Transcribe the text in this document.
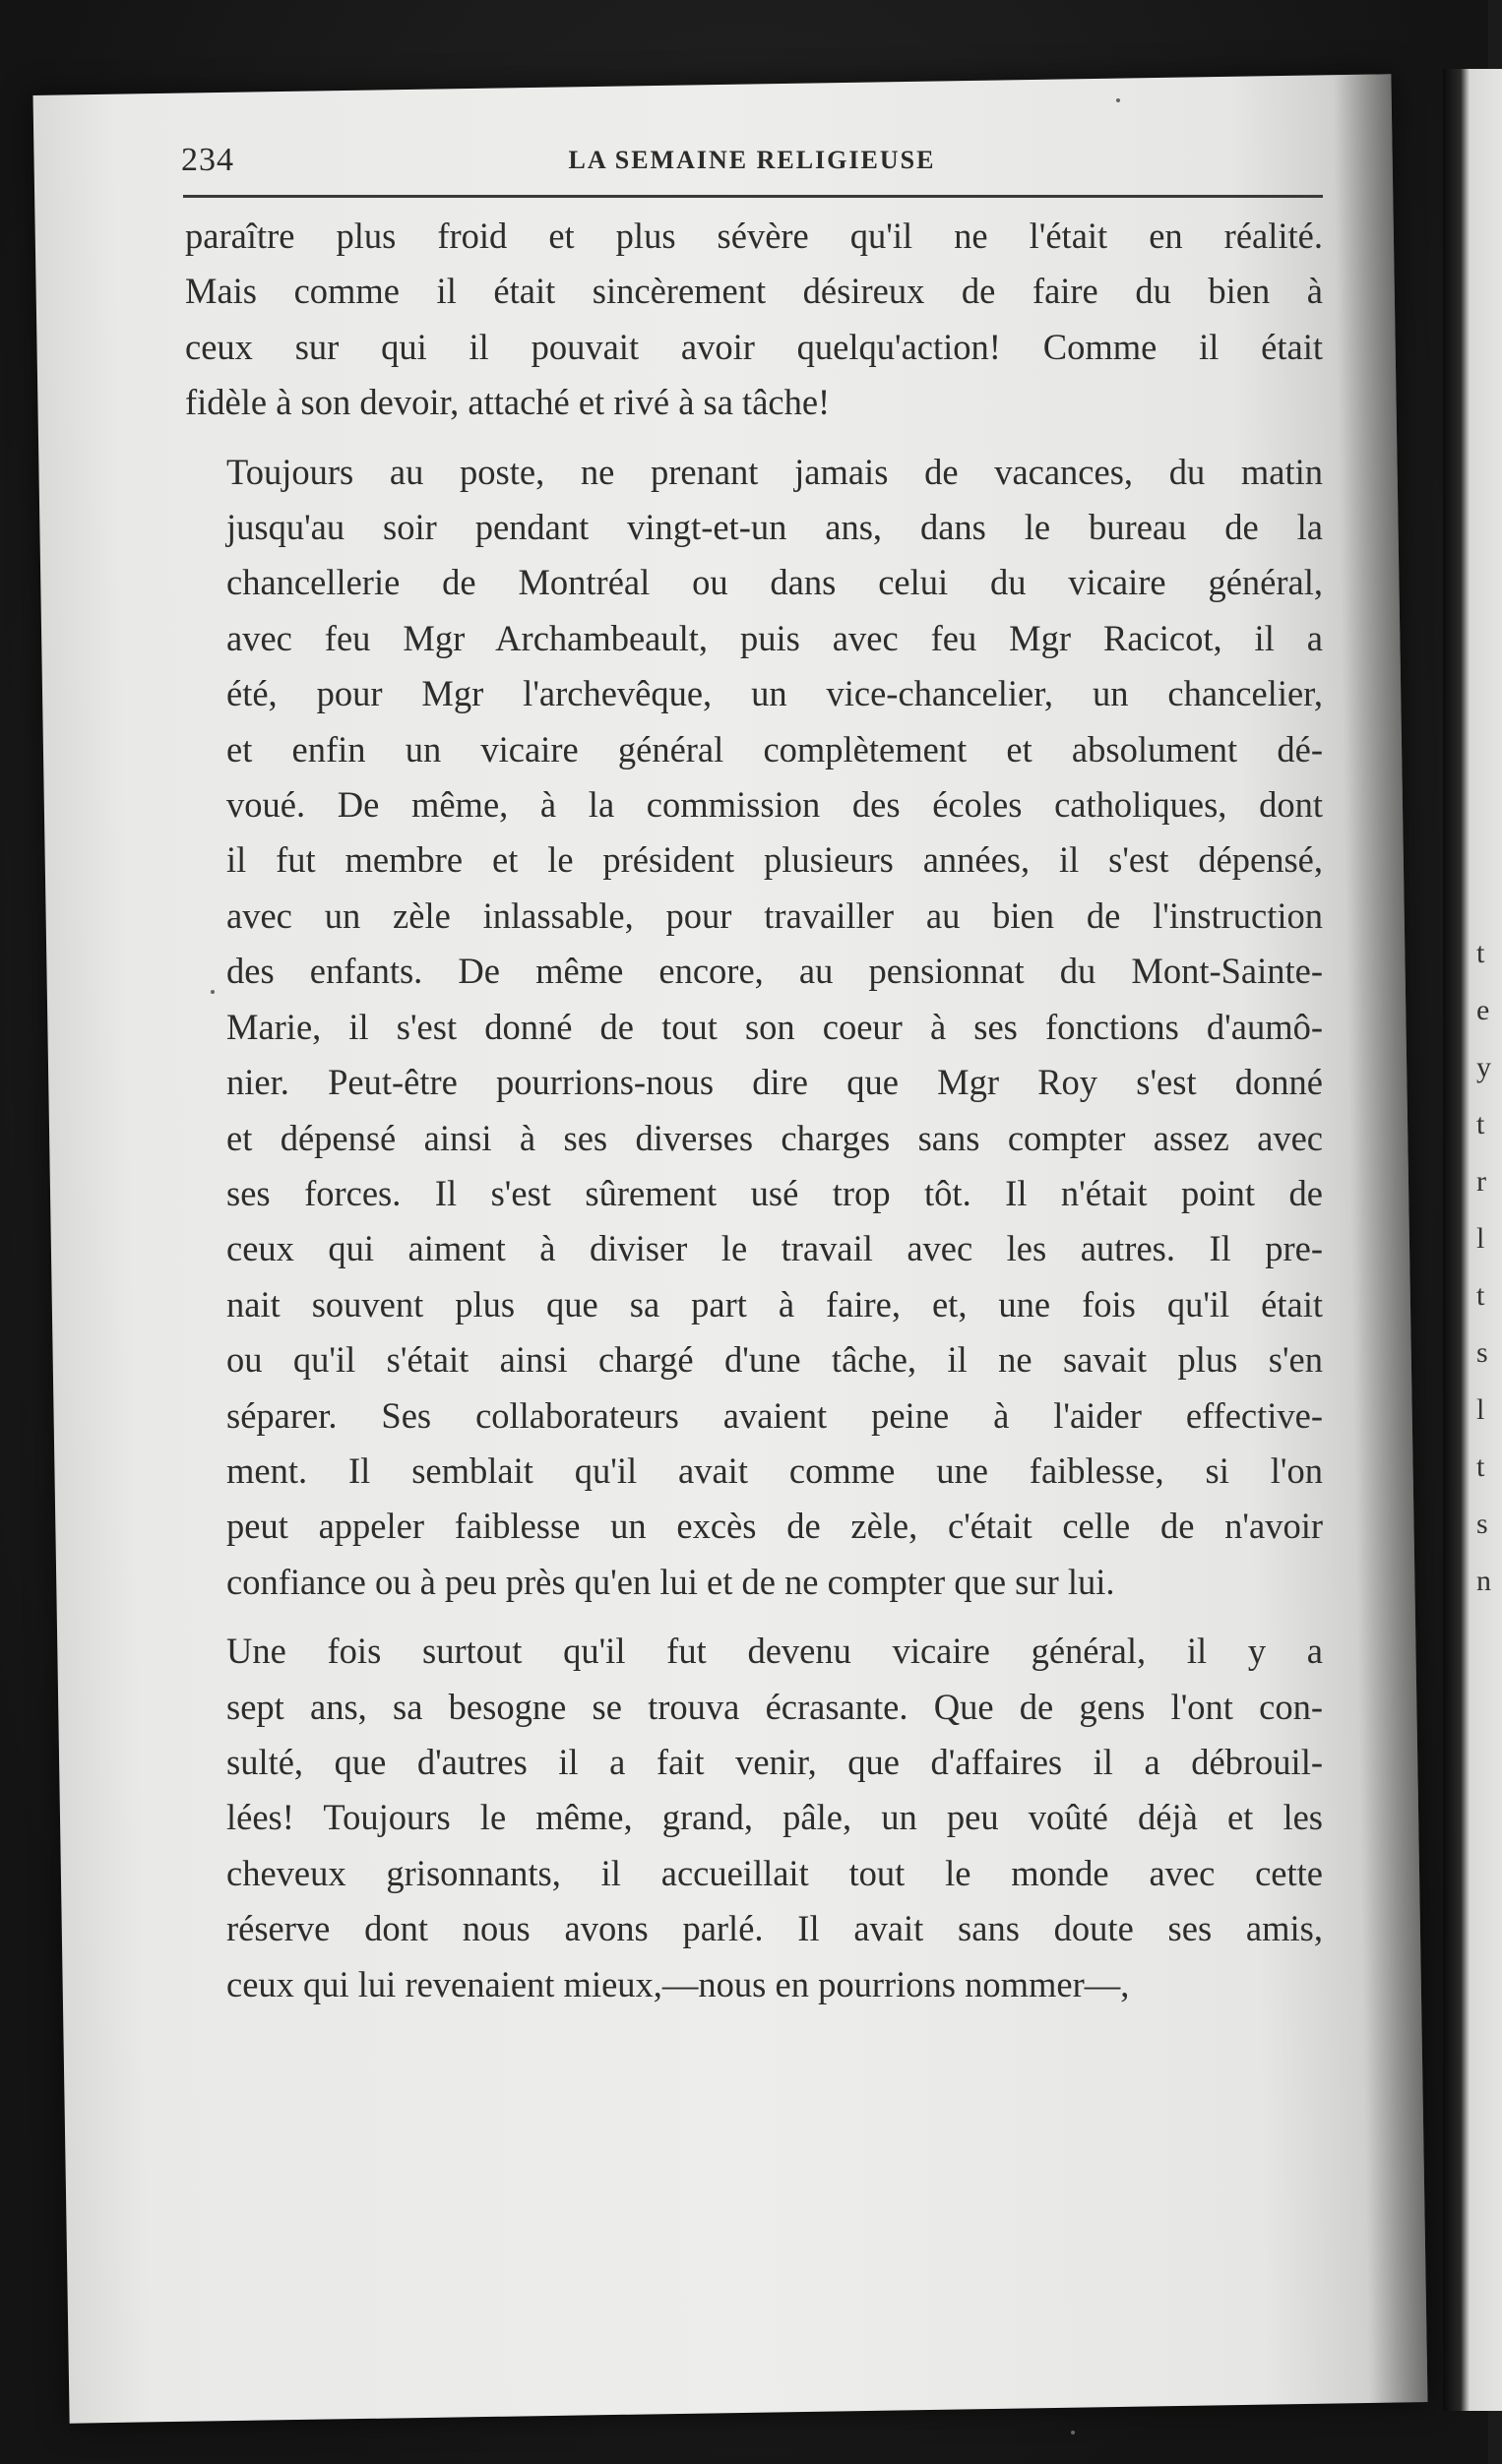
t e y t r l t s l t s n
234	LA SEMAINE RELIGIEUSE

paraître plus froid et plus sévère qu'il ne l'était en réalité.
Mais comme il était sincèrement désireux de faire du bien à
ceux sur qui il pouvait avoir quelqu'action! Comme il était
fidèle à son devoir, attaché et rivé à sa tâche!

Toujours au poste, ne prenant jamais de vacances, du matin
jusqu'au soir pendant vingt-et-un ans, dans le bureau de la
chancellerie de Montréal ou dans celui du vicaire général,
avec feu Mgr Archambeault, puis avec feu Mgr Racicot, il a
été, pour Mgr l'archevêque, un vice-chancelier, un chancelier,
et enfin un vicaire général complètement et absolument dé-
voué. De même, à la commission des écoles catholiques, dont
il fut membre et le président plusieurs années, il s'est dépensé,
avec un zèle inlassable, pour travailler au bien de l'instruction
des enfants. De même encore, au pensionnat du Mont-Sainte-
Marie, il s'est donné de tout son coeur à ses fonctions d'aumô-
nier. Peut-être pourrions-nous dire que Mgr Roy s'est donné
et dépensé ainsi à ses diverses charges sans compter assez avec
ses forces. Il s'est sûrement usé trop tôt. Il n'était point de
ceux qui aiment à diviser le travail avec les autres. Il pre-
nait souvent plus que sa part à faire, et, une fois qu'il était
ou qu'il s'était ainsi chargé d'une tâche, il ne savait plus s'en
séparer. Ses collaborateurs avaient peine à l'aider effective-
ment. Il semblait qu'il avait comme une faiblesse, si l'on
peut appeler faiblesse un excès de zèle, c'était celle de n'avoir
confiance ou à peu près qu'en lui et de ne compter que sur lui.

Une fois surtout qu'il fut devenu vicaire général, il y a
sept ans, sa besogne se trouva écrasante. Que de gens l'ont con-
sulté, que d'autres il a fait venir, que d'affaires il a débrouil-
lées! Toujours le même, grand, pâle, un peu voûté déjà et les
cheveux grisonnants, il accueillait tout le monde avec cette
réserve dont nous avons parlé. Il avait sans doute ses amis,
ceux qui lui revenaient mieux,—nous en pourrions nommer—,
